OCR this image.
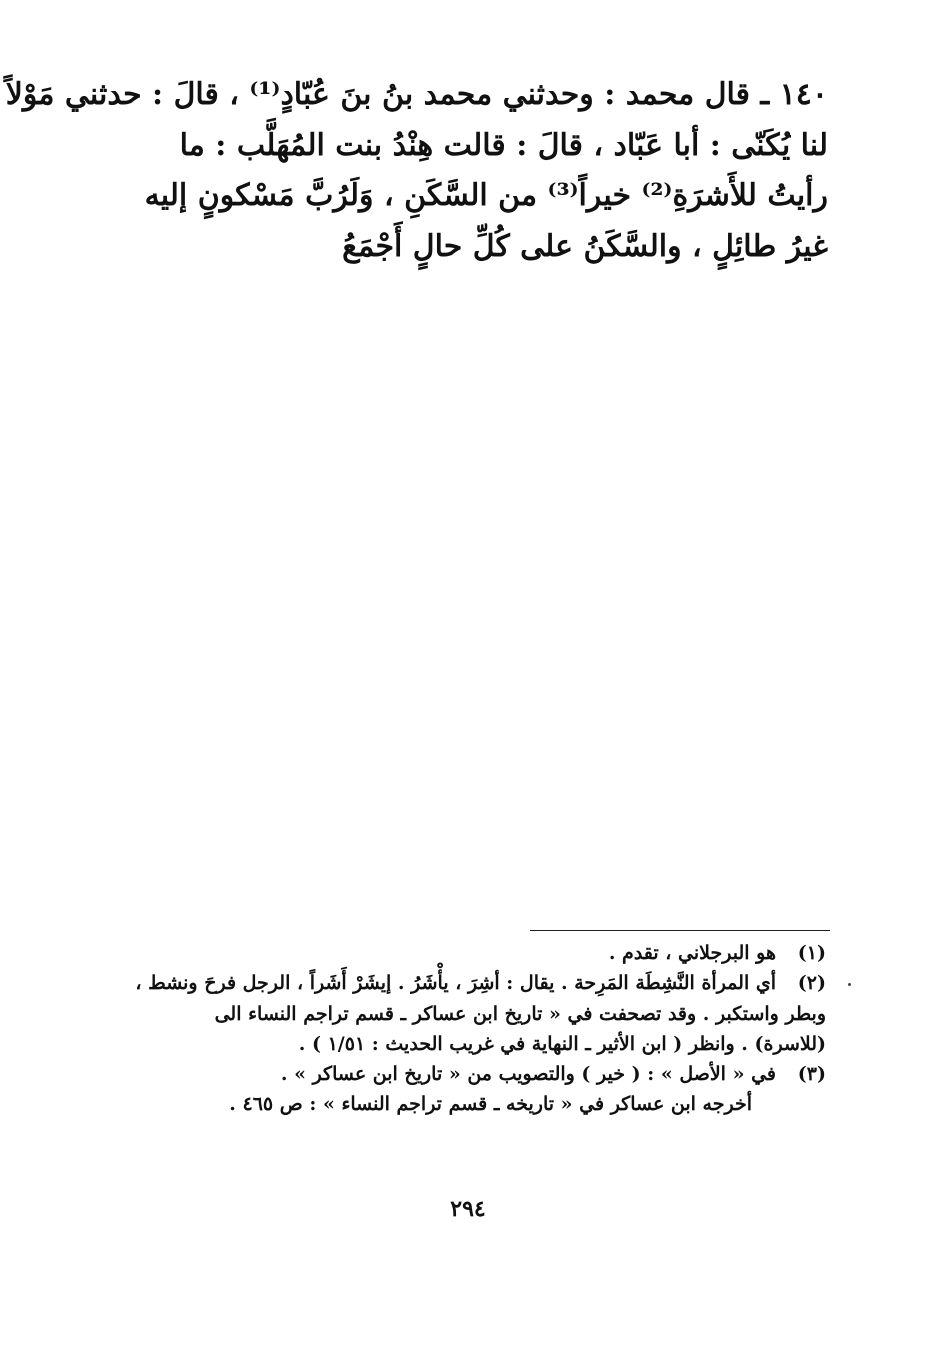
١٤٠ ـ قال محمد : وحدثني محمد بنُ بنَ عُبّادٍ⁽¹⁾ ، قالَ : حدثني مَوْلاً
لنا يُكَنّى : أبا عَبّاد ، قالَ : قالت هِنْدُ بنت المُهَلَّب : ما
رأيتُ للأَشرَةِ⁽²⁾ خيراً⁽³⁾ من السَّكَنِ ، وَلَرُبَّ مَسْكونٍ إليه
غيرُ طائِلٍ ، والسَّكَنُ على كُلِّ حالٍ أَجْمَعُ
(١)هو البرجلاني ، تقدم .
(٢)أي المرأة النَّشِطَة المَرِحة . يقال : أشِرَ ، يأْشَرُ . إيشَرْ أَشَراً ، الرجل فرحَ ونشط ،
وبطر واستكبر . وقد تصحفت في « تاريخ ابن عساكر ـ قسم تراجم النساء الى
(للاسرة) . وانظر ( ابن الأثير ـ النهاية في غريب الحديث : ١/٥١ ) .
(٣)في « الأصل » : ( خير ) والتصويب من « تاريخ ابن عساكر » .
أخرجه ابن عساكر في « تاريخه ـ قسم تراجم النساء » : ص ٤٦٥ .
٢٩٤
